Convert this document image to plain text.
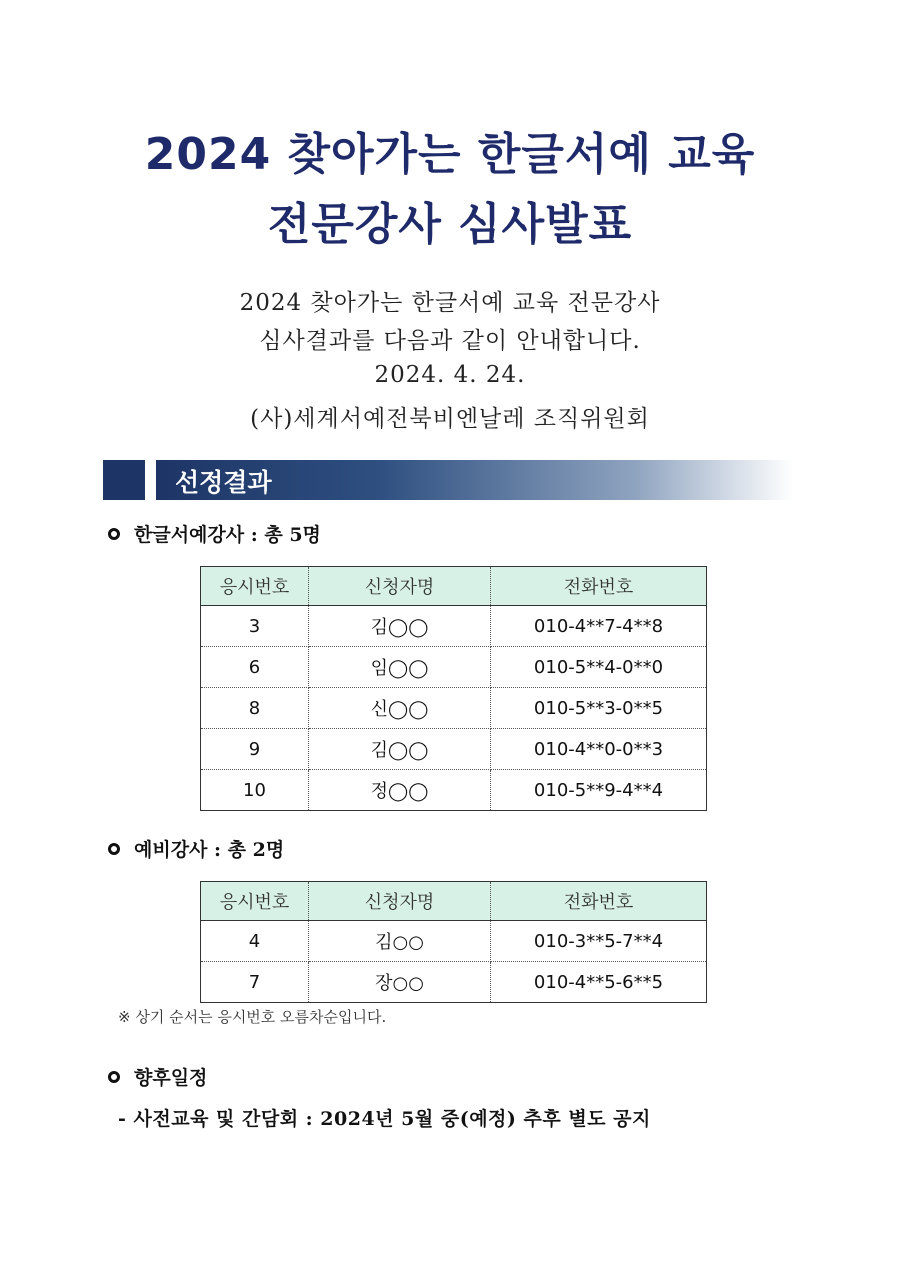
2024 찾아가는 한글서예 교육
전문강사 심사발표
2024 찾아가는 한글서예 교육 전문강사
심사결과를 다음과 같이 안내합니다.
2024. 4. 24.
(사)세계서예전북비엔날레 조직위원회
선정결과
한글서예강사 : 총 5명
응시번호	신청자명	전화번호
3	김◯◯	010-4**7-4**8
6	임◯◯	010-5**4-0**0
8	신◯◯	010-5**3-0**5
9	김◯◯	010-4**0-0**3
10	정◯◯	010-5**9-4**4
예비강사 : 총 2명
응시번호	신청자명	전화번호
4	김○○	010-3**5-7**4
7	장○○	010-4**5-6**5
※ 상기 순서는 응시번호 오름차순입니다.
향후일정
- 사전교육 및 간담회 : 2024년 5월 중(예정) 추후 별도 공지
